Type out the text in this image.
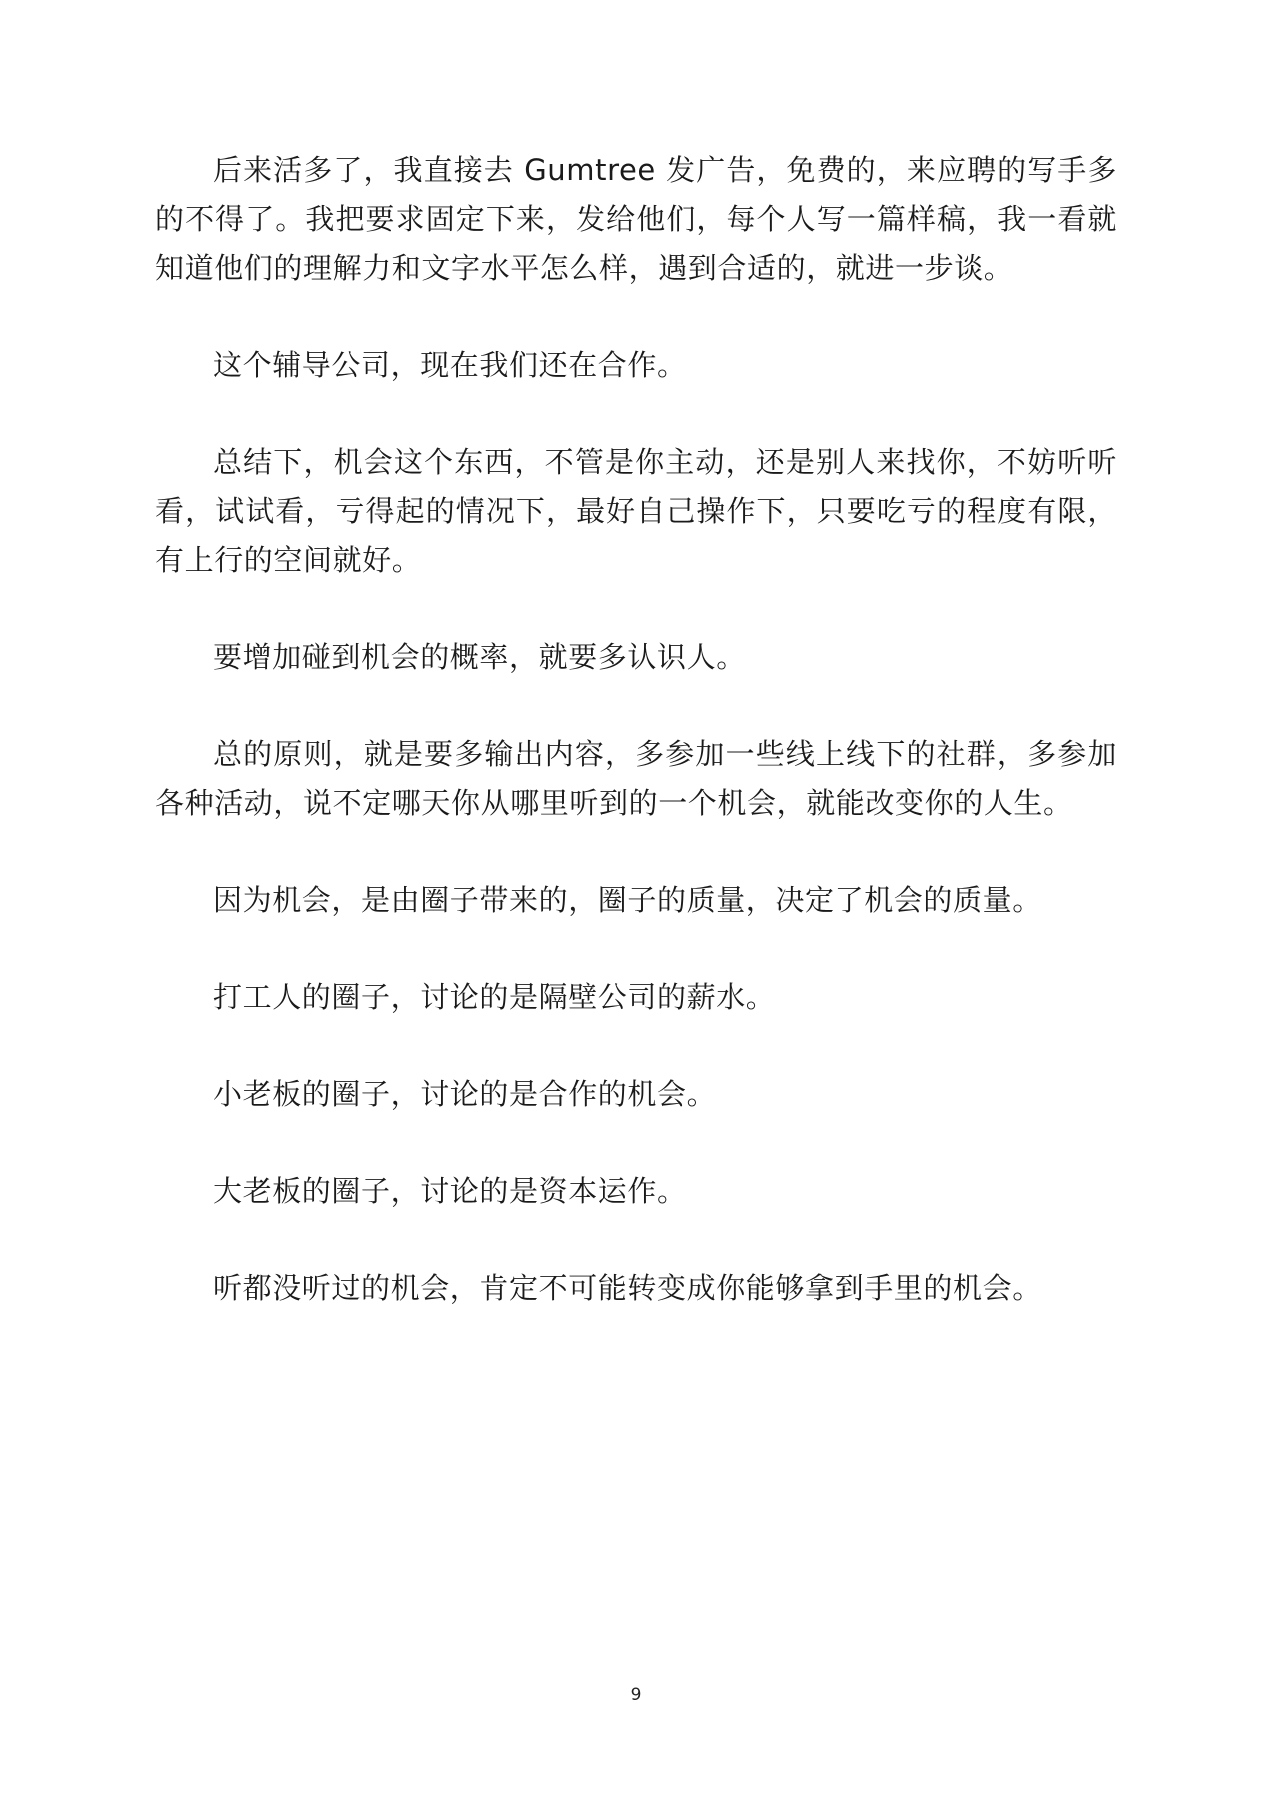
后来活多了，我直接去 Gumtree 发广告，免费的，来应聘的写手多的不得了。我把要求固定下来，发给他们，每个人写一篇样稿，我一看就知道他们的理解力和文字水平怎么样，遇到合适的，就进一步谈。

这个辅导公司，现在我们还在合作。

总结下，机会这个东西，不管是你主动，还是别人来找你，不妨听听看，试试看，亏得起的情况下，最好自己操作下，只要吃亏的程度有限，有上行的空间就好。

要增加碰到机会的概率，就要多认识人。

总的原则，就是要多输出内容，多参加一些线上线下的社群，多参加各种活动，说不定哪天你从哪里听到的一个机会，就能改变你的人生。

因为机会，是由圈子带来的，圈子的质量，决定了机会的质量。

打工人的圈子，讨论的是隔壁公司的薪水。

小老板的圈子，讨论的是合作的机会。

大老板的圈子，讨论的是资本运作。

听都没听过的机会，肯定不可能转变成你能够拿到手里的机会。

9
